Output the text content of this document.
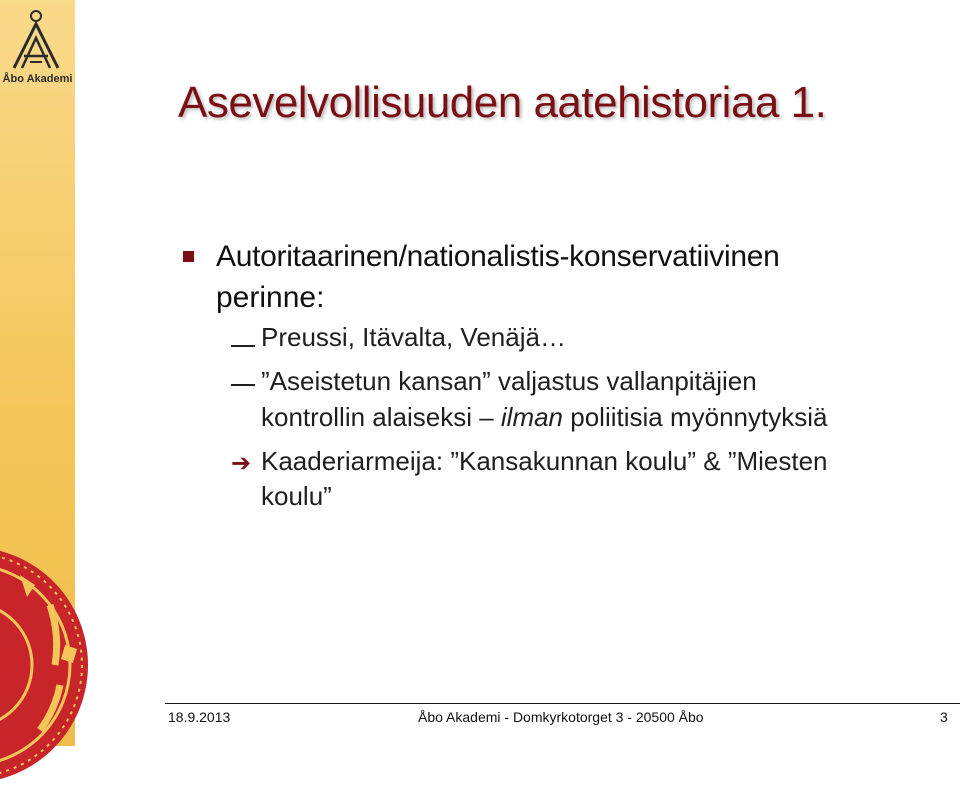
Åbo Akademi Asevelvollisuuden aatehistoriaa 1.
Autoritaarinen/nationalistis-konservatiivinen
perinne:
Preussi, Itävalta, Venäjä…
”Aseistetun kansan” valjastus vallanpitäjien
kontrollin alaiseksi – ilman poliitisia myönnytyksiä
➔ Kaaderiarmeija: ”Kansakunnan koulu” & ”Miesten
koulu”
18.9.2013	Åbo Akademi - Domkyrkotorget 3 - 20500 Åbo	3
